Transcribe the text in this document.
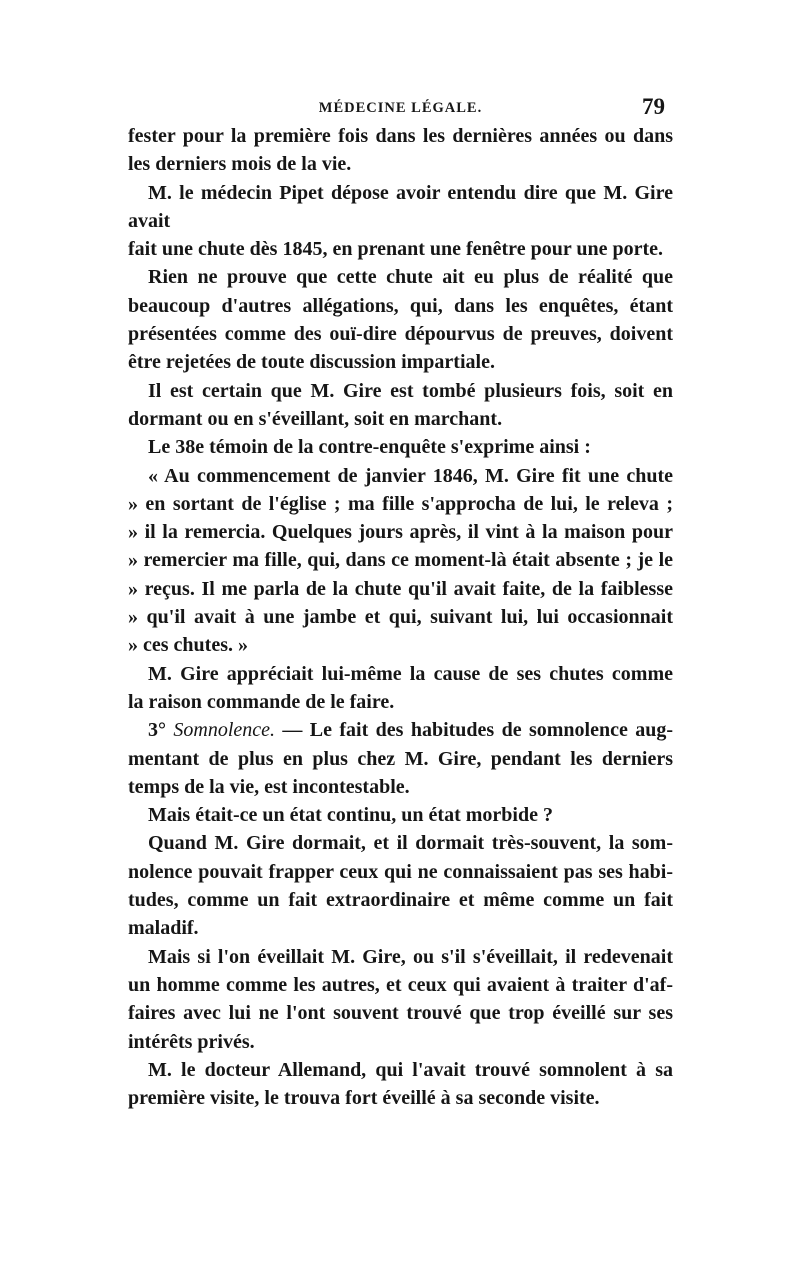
MÉDECINE LÉGALE.	79
fester pour la première fois dans les dernières années ou dans
les derniers mois de la vie.
M. le médecin Pipet dépose avoir entendu dire que M. Gire avait
fait une chute dès 1845, en prenant une fenêtre pour une porte.
Rien ne prouve que cette chute ait eu plus de réalité que
beaucoup d'autres allégations, qui, dans les enquêtes, étant
présentées comme des ouï-dire dépourvus de preuves, doivent
être rejetées de toute discussion impartiale.
Il est certain que M. Gire est tombé plusieurs fois, soit en
dormant ou en s'éveillant, soit en marchant.
Le 38e témoin de la contre-enquête s'exprime ainsi :
« Au commencement de janvier 1846, M. Gire fit une chute
» en sortant de l'église ; ma fille s'approcha de lui, le releva ;
» il la remercia. Quelques jours après, il vint à la maison pour
» remercier ma fille, qui, dans ce moment-là était absente ; je le
» reçus. Il me parla de la chute qu'il avait faite, de la faiblesse
» qu'il avait à une jambe et qui, suivant lui, lui occasionnait
» ces chutes. »
M. Gire appréciait lui-même la cause de ses chutes comme
la raison commande de le faire.
3° Somnolence. — Le fait des habitudes de somnolence aug-
mentant de plus en plus chez M. Gire, pendant les derniers
temps de la vie, est incontestable.
Mais était-ce un état continu, un état morbide ?
Quand M. Gire dormait, et il dormait très-souvent, la som-
nolence pouvait frapper ceux qui ne connaissaient pas ses habi-
tudes, comme un fait extraordinaire et même comme un fait
maladif.
Mais si l'on éveillait M. Gire, ou s'il s'éveillait, il redevenait
un homme comme les autres, et ceux qui avaient à traiter d'af-
faires avec lui ne l'ont souvent trouvé que trop éveillé sur ses
intérêts privés.
M. le docteur Allemand, qui l'avait trouvé somnolent à sa
première visite, le trouva fort éveillé à sa seconde visite.
